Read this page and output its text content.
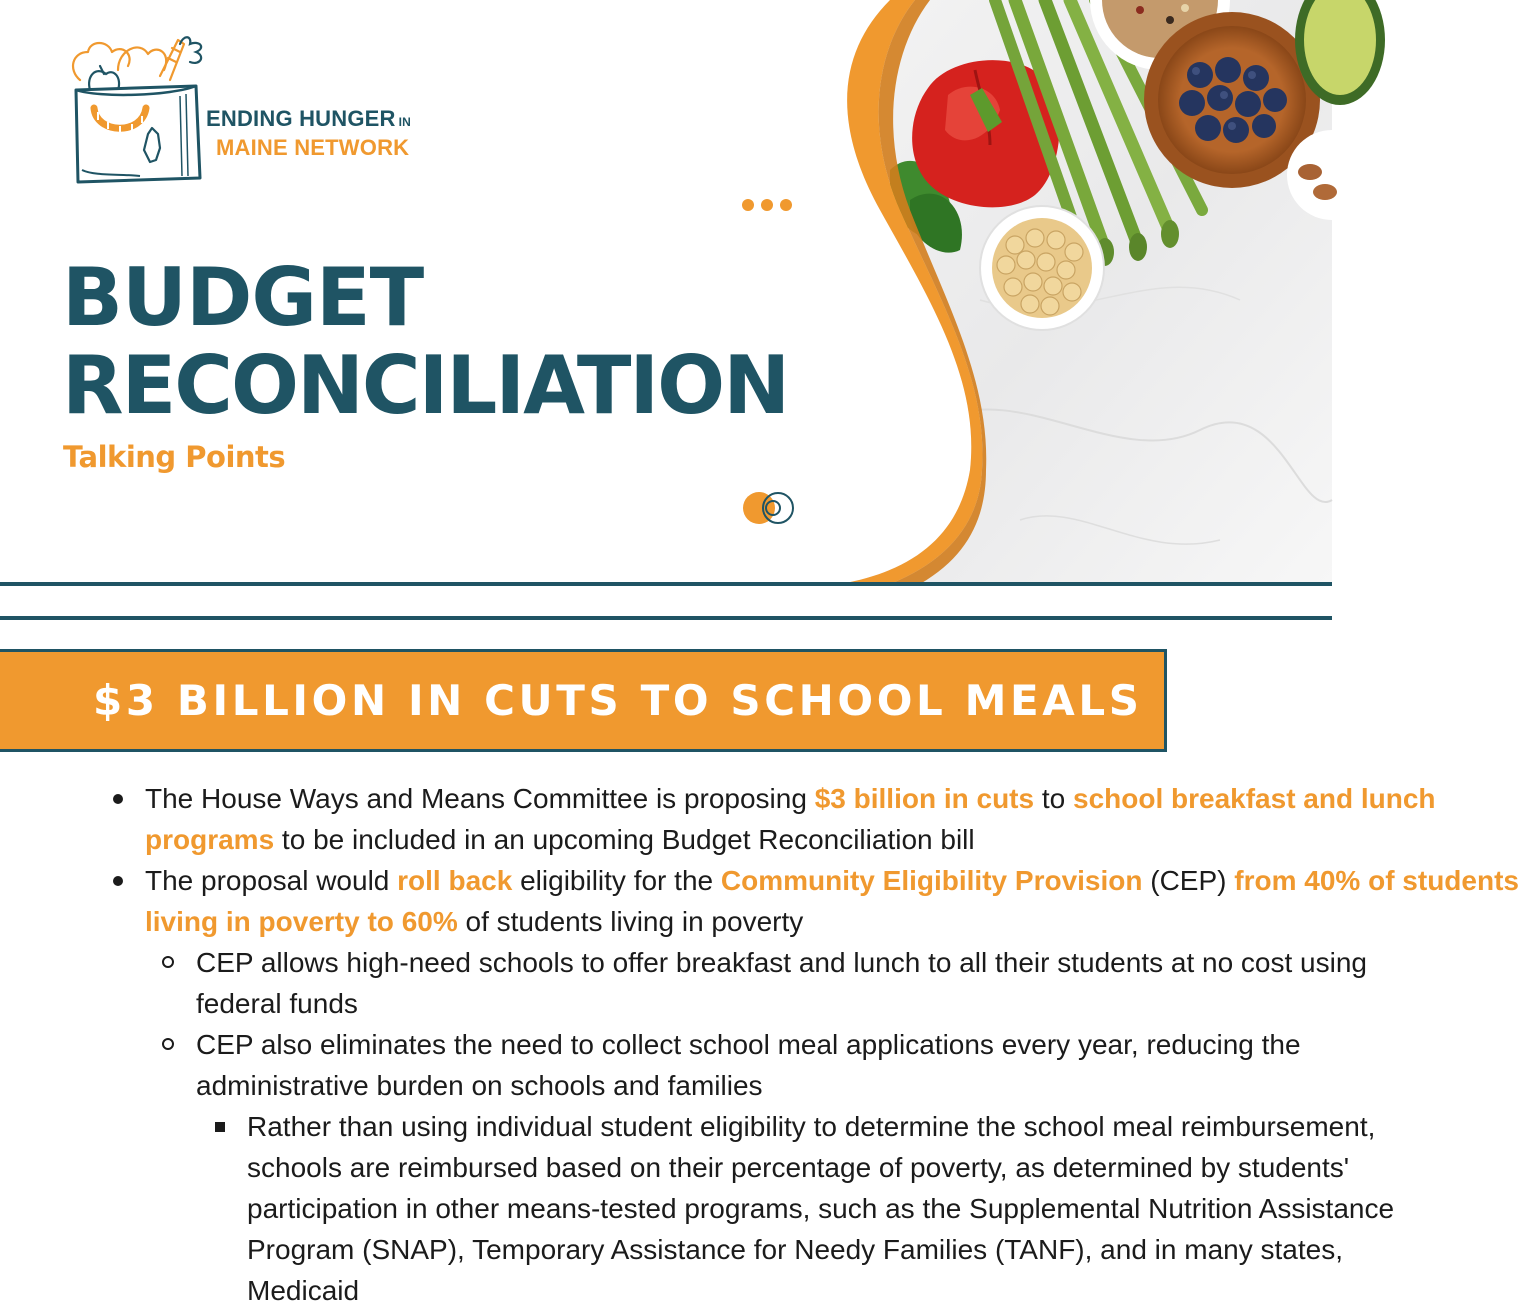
ENDING HUNGER IN
MAINE NETWORK
BUDGET
RECONCILIATION
Talking Points
$3 BILLION IN CUTS TO SCHOOL MEALS
The House Ways and Means Committee is proposing $3 billion in cuts to school breakfast and lunch
programs to be included in an upcoming Budget Reconciliation bill
The proposal would roll back eligibility for the Community Eligibility Provision (CEP) from 40% of students
living in poverty to 60% of students living in poverty
CEP allows high-need schools to offer breakfast and lunch to all their students at no cost using
federal funds
CEP also eliminates the need to collect school meal applications every year, reducing the
administrative burden on schools and families
Rather than using individual student eligibility to determine the school meal reimbursement,
schools are reimbursed based on their percentage of poverty, as determined by students'
participation in other means-tested programs, such as the Supplemental Nutrition Assistance
Program (SNAP), Temporary Assistance for Needy Families (TANF), and in many states,
Medicaid
